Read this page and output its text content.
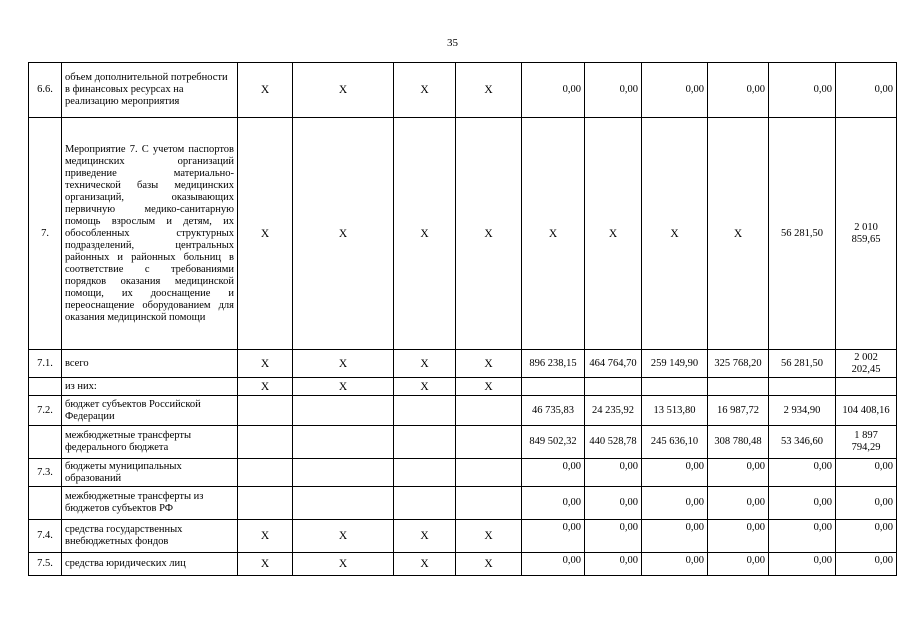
35
6.6.	объем дополнительной потребности в финансовых ресурсах на реализацию мероприятия	X	X	X	X	0,00	0,00	0,00	0,00	0,00	0,00
7.	Мероприятие 7. С учетом паспортов медицинских организаций приведение материально-технической базы медицинских организаций, оказывающих первичную медико-санитарную помощь взрослым и детям, их обособленных структурных подразделений, центральных районных и районных больниц в соответствие с требованиями порядков оказания медицинской помощи, их дооснащение и переоснащение оборудованием для оказания медицинской помощи	X	X	X	X	X	X	X	X	56 281,50	2 010 859,65
7.1.	всего	X	X	X	X	896 238,15	464 764,70	259 149,90	325 768,20	56 281,50	2 002 202,45
	из них:	X	X	X	X						
7.2.	бюджет субъектов Российской Федерации					46 735,83	24 235,92	13 513,80	16 987,72	2 934,90	104 408,16
	межбюджетные трансферты федерального бюджета					849 502,32	440 528,78	245 636,10	308 780,48	53 346,60	1 897 794,29
7.3.	бюджеты муниципальных образований					0,00	0,00	0,00	0,00	0,00	0,00
	межбюджетные трансферты из бюджетов субъектов РФ					0,00	0,00	0,00	0,00	0,00	0,00
7.4.	средства государственных внебюджетных фондов	X	X	X	X	0,00	0,00	0,00	0,00	0,00	0,00
7.5.	средства юридических лиц	X	X	X	X	0,00	0,00	0,00	0,00	0,00	0,00
